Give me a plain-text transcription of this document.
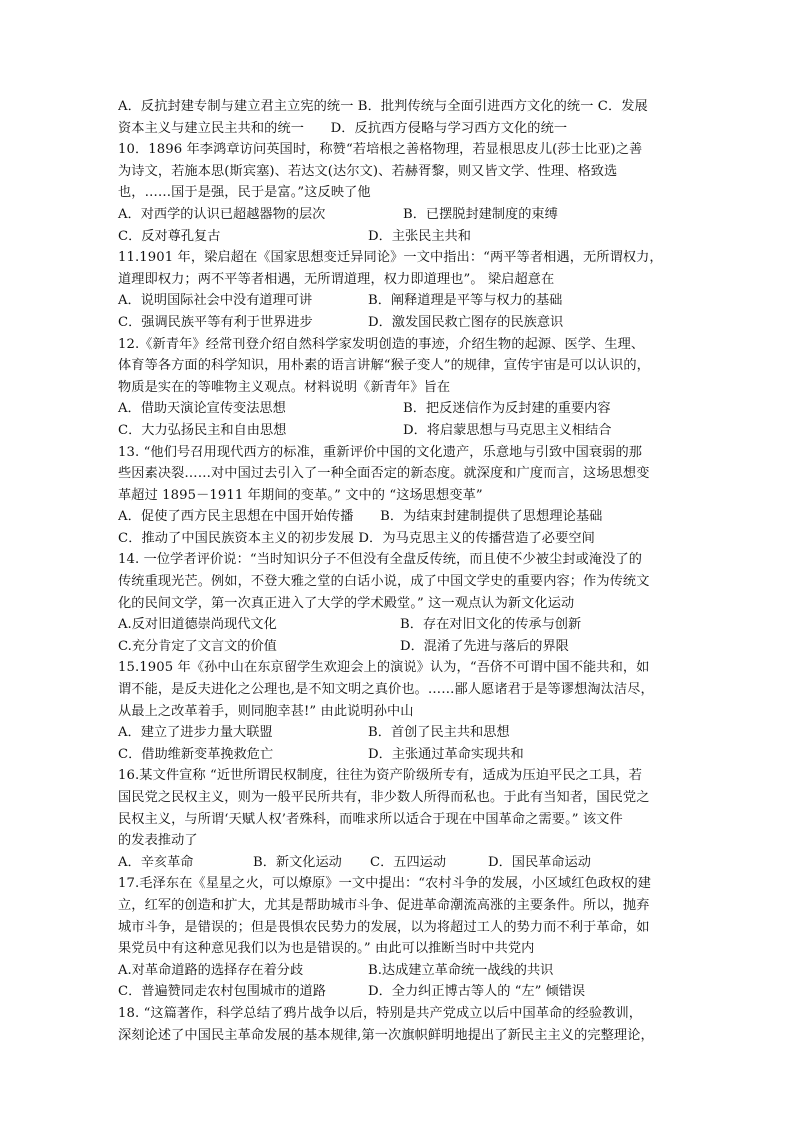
A．反抗封建专制与建立君主立宪的统一 B．批判传统与全面引进西方文化的统一 C．发展
资本主义与建立民主共和的统一　　D．反抗西方侵略与学习西方文化的统一
10．1896 年李鸿章访问英国时，称赞“若培根之善格物理，若显根思皮儿(莎士比亚)之善
为诗文，若施本思(斯宾塞)、若达文(达尔文)、若赫胥黎，则又皆文学、性理、格致选
也，……国于是强，民于是富。”这反映了他
A．对西学的认识已超越器物的层次	B．已摆脱封建制度的束缚
C．反对尊孔复古	D．主张民主共和
11.1901 年，梁启超在《国家思想变迁异同论》一文中指出：“两平等者相遇，无所谓权力，
道理即权力；两不平等者相遇，无所谓道理，权力即道理也”。 梁启超意在
A．说明国际社会中没有道理可讲	B．阐释道理是平等与权力的基础
C．强调民族平等有利于世界进步	D．激发国民救亡图存的民族意识
12.《新青年》经常刊登介绍自然科学家发明创造的事迹，介绍生物的起源、医学、生理、
体育等各方面的科学知识，用朴素的语言讲解“猴子变人”的规律，宣传宇宙是可以认识的，
物质是实在的等唯物主义观点。材料说明《新青年》旨在
A．借助天演论宣传变法思想	B．把反迷信作为反封建的重要内容
C．大力弘扬民主和自由思想	D．将启蒙思想与马克思主义相结合
13. “他们号召用现代西方的标准，重新评价中国的文化遗产，乐意地与引致中国衰弱的那
些因素决裂……对中国过去引入了一种全面否定的新态度。就深度和广度而言，这场思想变
革超过 1895－1911 年期间的变革。” 文中的 “这场思想变革”
A．促使了西方民主思想在中国开始传播　　B．为结束封建制提供了思想理论基础
C．推动了中国民族资本主义的初步发展 D．为马克思主义的传播营造了必要空间
14. 一位学者评价说：“当时知识分子不但没有全盘反传统，而且使不少被尘封或淹没了的
传统重现光芒。例如，不登大雅之堂的白话小说，成了中国文学史的重要内容；作为传统文
化的民间文学，第一次真正进入了大学的学术殿堂。” 这一观点认为新文化运动
A.反对旧道德崇尚现代文化	B．存在对旧文化的传承与创新
C.充分肯定了文言文的价值	D．混淆了先进与落后的界限
15.1905 年《孙中山在东京留学生欢迎会上的演说》认为，“吾侪不可谓中国不能共和，如
谓不能，是反夫进化之公理也,是不知文明之真价也。……鄙人愿诸君于是等谬想淘汰洁尽，
从最上之改革着手，则同胞幸甚!” 由此说明孙中山
A．建立了进步力量大联盟	B．首创了民主共和思想
C．借助维新变革挽救危亡	D．主张通过革命实现共和
16.某文件宣称 “近世所谓民权制度，往往为资产阶级所专有，适成为压迫平民之工具，若
国民党之民权主义，则为一般平民所共有，非少数人所得而私也。于此有当知者，国民党之
民权主义，与所谓‘天赋人权’者殊科，而唯求所以适合于现在中国革命之需要。” 该文件
的发表推动了
A．辛亥革命	B．新文化运动 C．五四运动	D．国民革命运动
17.毛泽东在《星星之火，可以燎原》一文中提出：“农村斗争的发展，小区域红色政权的建
立，红军的创造和扩大，尤其是帮助城市斗争、促进革命潮流高涨的主要条件。所以，抛弃
城市斗争，是错误的；但是畏惧农民势力的发展，以为将超过工人的势力而不利于革命，如
果党员中有这种意见我们以为也是错误的。” 由此可以推断当时中共党内
A.对革命道路的选择存在着分歧	B.达成建立革命统一战线的共识
C．普遍赞同走农村包围城市的道路	D．全力纠正博古等人的 “左” 倾错误
18. “这篇著作，科学总结了鸦片战争以后，特别是共产党成立以后中国革命的经验教训，
深刻论述了中国民主革命发展的基本规律,第一次旗帜鲜明地提出了新民主主义的完整理论，
